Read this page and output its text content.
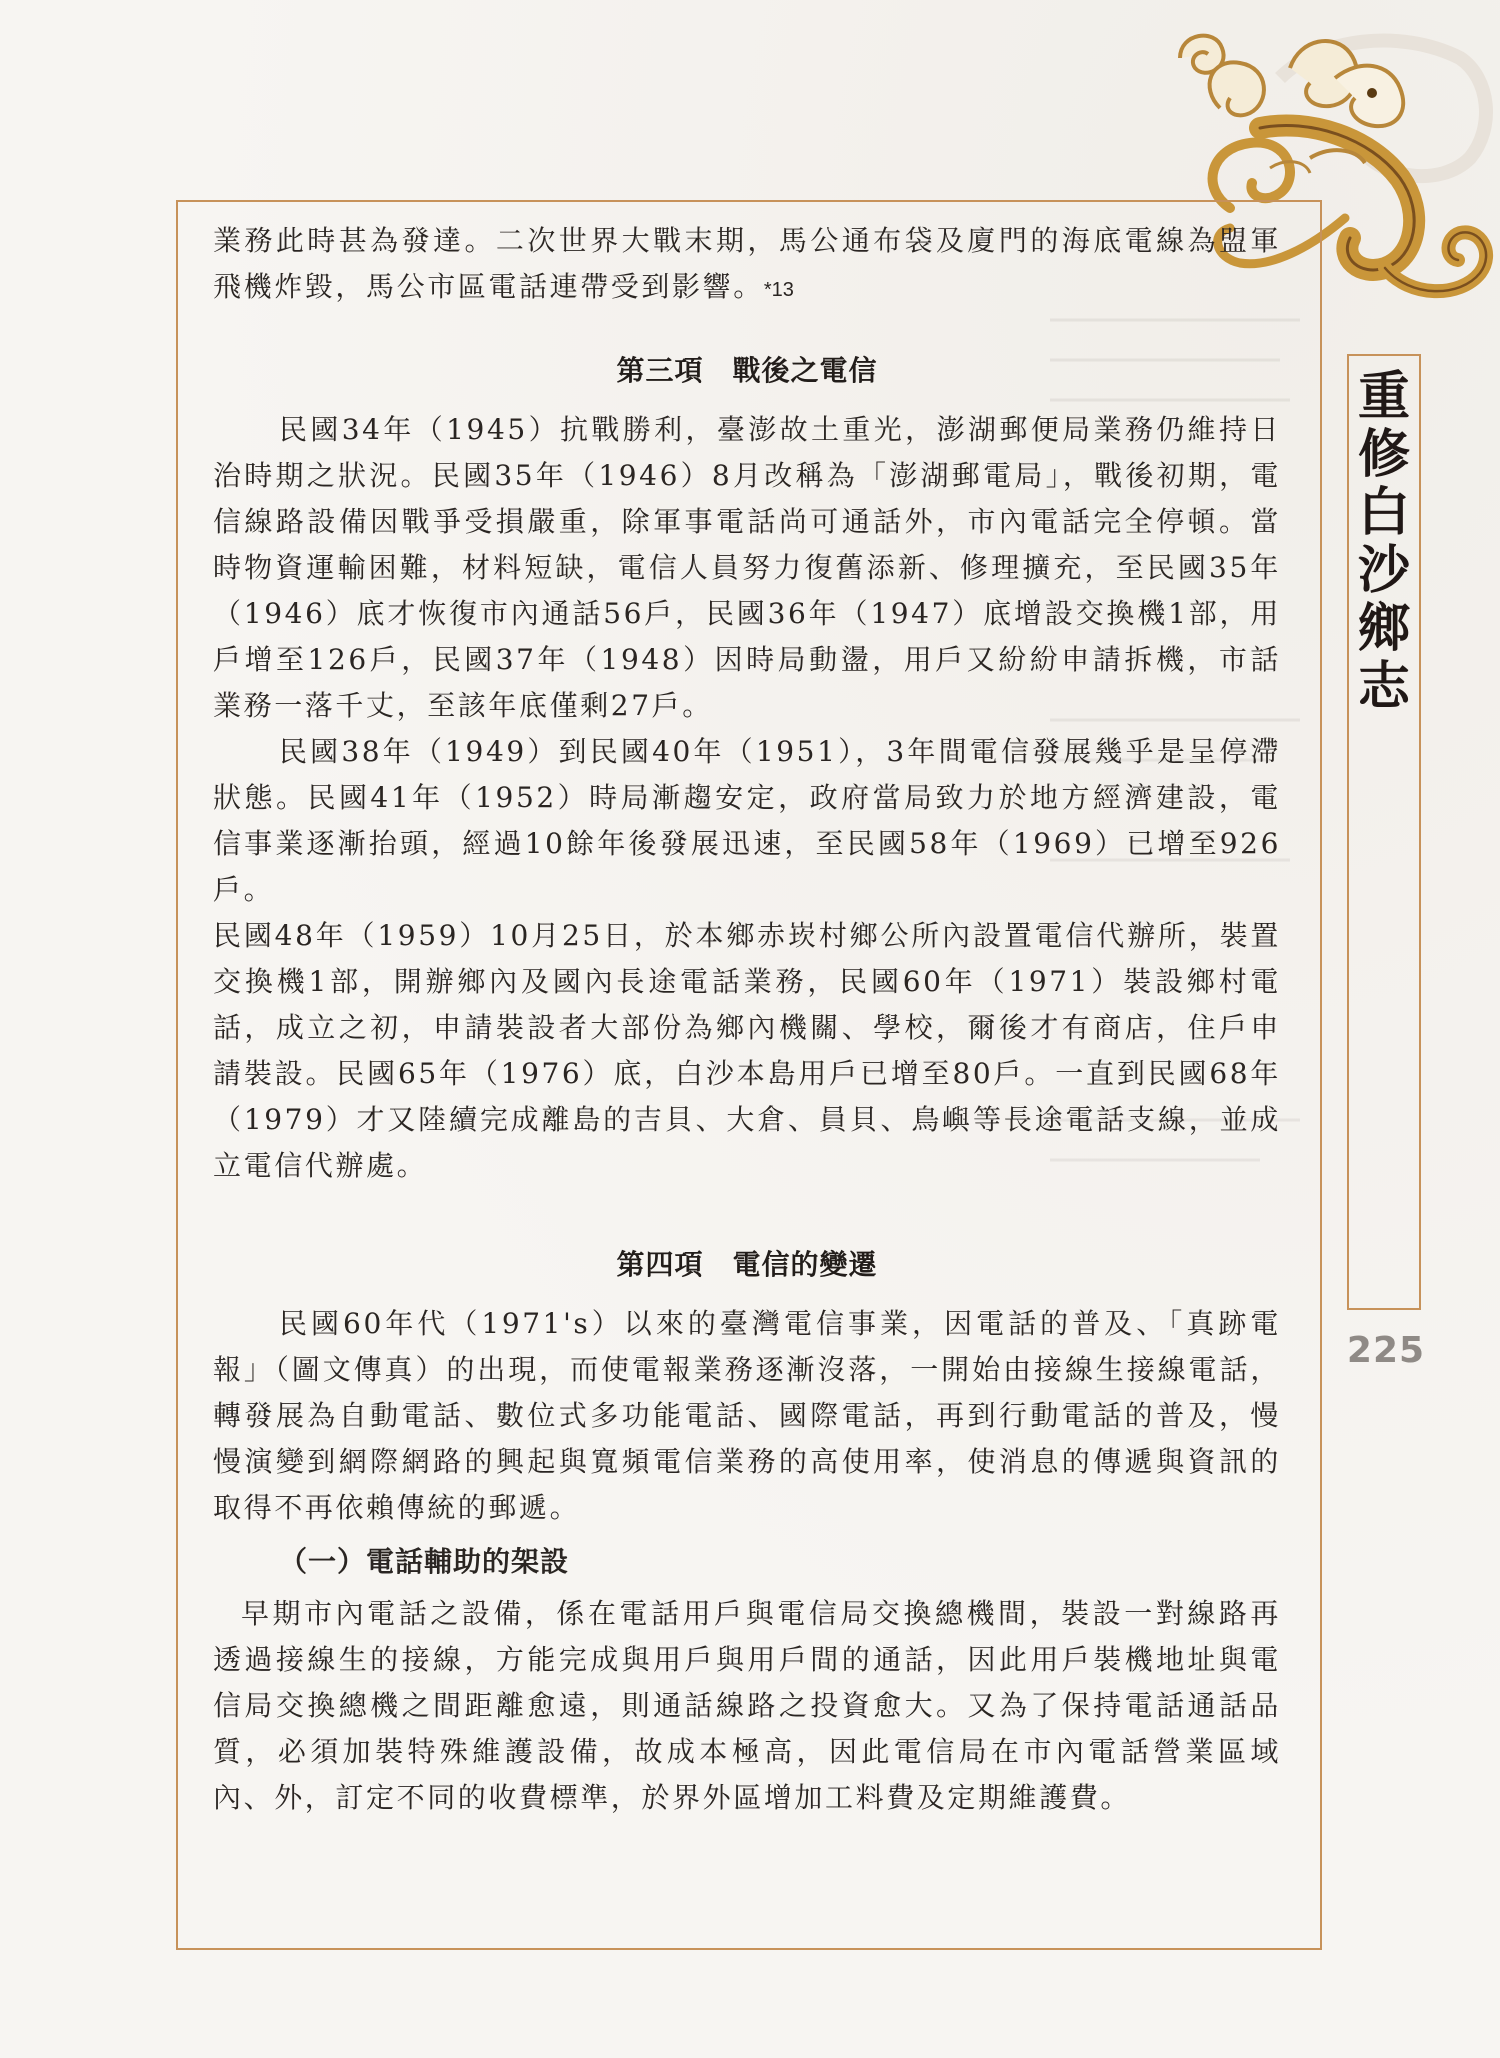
業務此時甚為發達。二次世界大戰末期，馬公通布袋及廈門的海底電線為盟軍飛機炸毀，馬公市區電話連帶受到影響。*13

第三項　戰後之電信

民國34年（1945）抗戰勝利，臺澎故土重光，澎湖郵便局業務仍維持日治時期之狀況。民國35年（1946）8月改稱為「澎湖郵電局」，戰後初期，電信線路設備因戰爭受損嚴重，除軍事電話尚可通話外，市內電話完全停頓。當時物資運輸困難，材料短缺，電信人員努力復舊添新、修理擴充，至民國35年（1946）底才恢復市內通話56戶，民國36年（1947）底增設交換機1部，用戶增至126戶，民國37年（1948）因時局動盪，用戶又紛紛申請拆機，市話業務一落千丈，至該年底僅剩27戶。

民國38年（1949）到民國40年（1951），3年間電信發展幾乎是呈停滯狀態。民國41年（1952）時局漸趨安定，政府當局致力於地方經濟建設，電信事業逐漸抬頭，經過10餘年後發展迅速，至民國58年（1969）已增至926戶。

民國48年（1959）10月25日，於本鄉赤崁村鄉公所內設置電信代辦所，裝置交換機1部，開辦鄉內及國內長途電話業務，民國60年（1971）裝設鄉村電話，成立之初，申請裝設者大部份為鄉內機關、學校，爾後才有商店，住戶申請裝設。民國65年（1976）底，白沙本島用戶已增至80戶。一直到民國68年（1979）才又陸續完成離島的吉貝、大倉、員貝、鳥嶼等長途電話支線，並成立電信代辦處。

第四項　電信的變遷

民國60年代（1971's）以來的臺灣電信事業，因電話的普及、「真跡電報」（圖文傳真）的出現，而使電報業務逐漸沒落，一開始由接線生接線電話，轉發展為自動電話、數位式多功能電話、國際電話，再到行動電話的普及，慢慢演變到網際網路的興起與寬頻電信業務的高使用率，使消息的傳遞與資訊的取得不再依賴傳統的郵遞。

（一）電話輔助的架設

早期市內電話之設備，係在電話用戶與電信局交換總機間，裝設一對線路再透過接線生的接線，方能完成與用戶與用戶間的通話，因此用戶裝機地址與電信局交換總機之間距離愈遠，則通話線路之投資愈大。又為了保持電話通話品質，必須加裝特殊維護設備，故成本極高，因此電信局在市內電話營業區域內、外，訂定不同的收費標準，於界外區增加工料費及定期維護費。

重
修
白
沙
鄉
志
225
